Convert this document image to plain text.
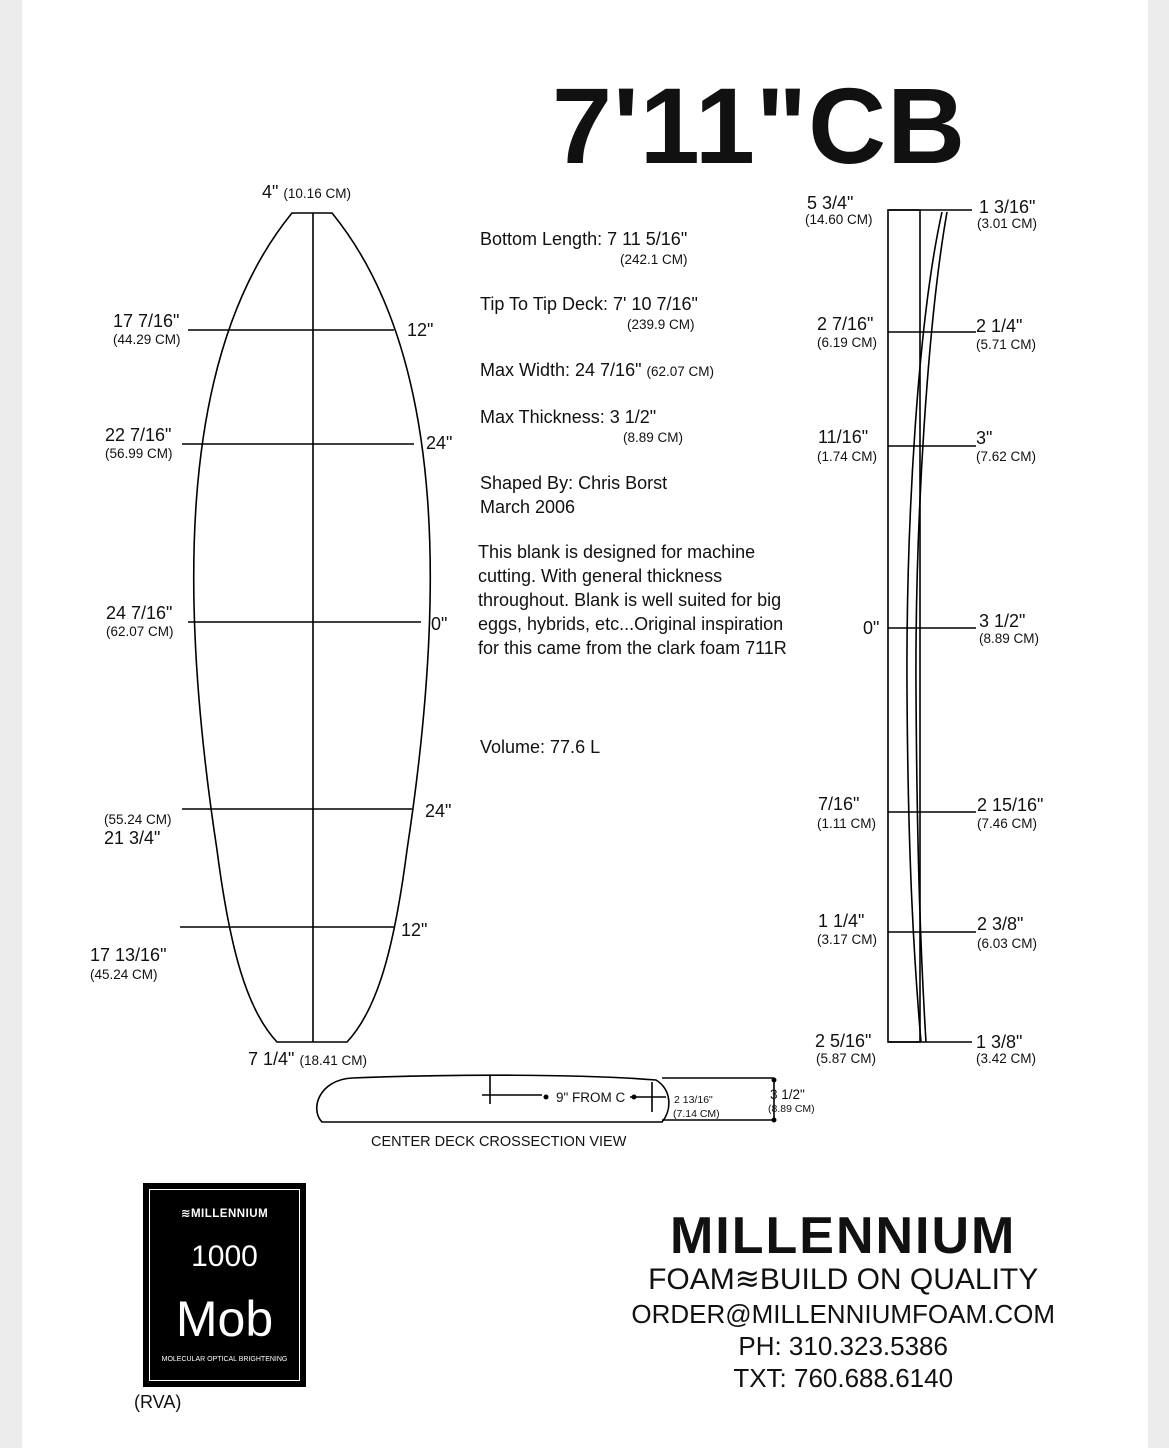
7'11"CB
4" (10.16 CM)
17 7/16"
(44.29 CM)	12"
22 7/16"
(56.99 CM)
24"
24 7/16"
(62.07 CM)	0"
(55.24 CM)
21 3/4"
24"
17 13/16"
(45.24 CM)
12"
7 1/4" (18.41 CM)
Bottom Length: 7 11 5/16"
(242.1 CM)
Tip To Tip Deck: 7' 10 7/16"
(239.9 CM)
Max Width: 24 7/16" (62.07 CM)
Max Thickness: 3 1/2"
(8.89 CM)
Shaped By: Chris Borst
March 2006
This blank is designed for machine cutting. With general thickness throughout. Blank is well suited for big eggs, hybrids, etc...Original inspiration for this came from the clark foam 711R
Volume: 77.6 L
5 3/4"
(14.60 CM)
2 7/16"
(6.19 CM)
11/16"
(1.74 CM)
0"
7/16"
(1.11 CM)
1 1/4"
(3.17 CM)
2 5/16"
(5.87 CM)
1 3/16"
(3.01 CM)
2 1/4"
(5.71 CM)
3"
(7.62 CM)
3 1/2"
(8.89 CM)
2 15/16"
(7.46 CM)
2 3/8"
(6.03 CM)
1 3/8"
(3.42 CM)
9" FROM C	2 13/16"
(7.14 CM)
3 1/2"
(8.89 CM)
CENTER DECK CROSSECTION VIEW
≋MILLENNIUM
1000
Mob
MOLECULAR OPTICAL BRIGHTENING
(RVA)
MILLENNIUM
FOAM≋BUILD ON QUALITY
ORDER@MILLENNIUMFOAM.COM
PH: 310.323.5386
TXT: 760.688.6140
